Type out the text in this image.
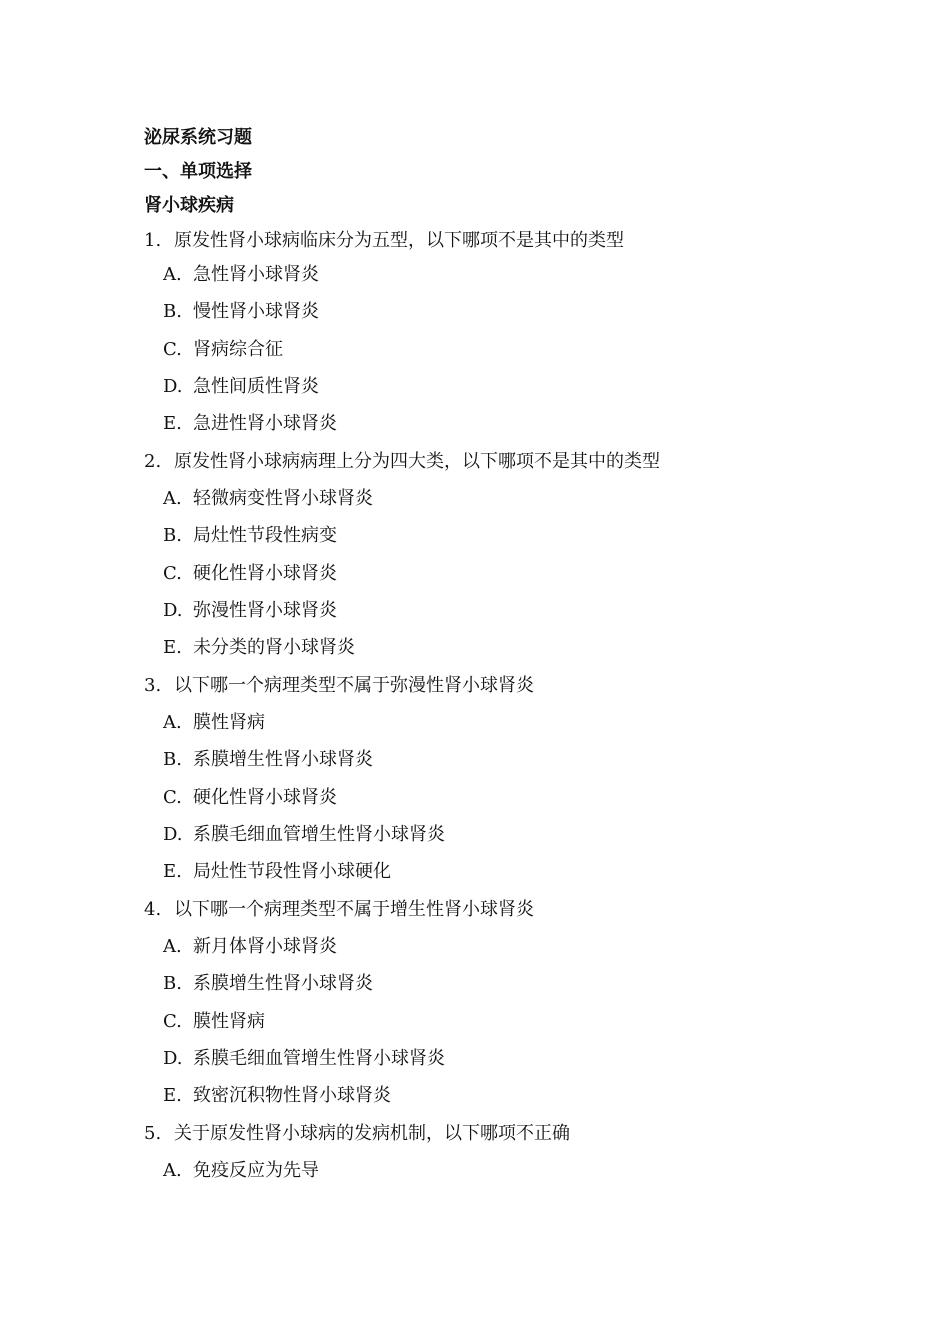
泌尿系统习题
一、单项选择
肾小球疾病
1. 原发性肾小球病临床分为五型，以下哪项不是其中的类型
A. 急性肾小球肾炎
B. 慢性肾小球肾炎
C. 肾病综合征
D. 急性间质性肾炎
E. 急进性肾小球肾炎
2. 原发性肾小球病病理上分为四大类，以下哪项不是其中的类型
A. 轻微病变性肾小球肾炎
B. 局灶性节段性病变
C. 硬化性肾小球肾炎
D. 弥漫性肾小球肾炎
E. 未分类的肾小球肾炎
3. 以下哪一个病理类型不属于弥漫性肾小球肾炎
A. 膜性肾病
B. 系膜增生性肾小球肾炎
C. 硬化性肾小球肾炎
D. 系膜毛细血管增生性肾小球肾炎
E. 局灶性节段性肾小球硬化
4. 以下哪一个病理类型不属于增生性肾小球肾炎
A. 新月体肾小球肾炎
B. 系膜增生性肾小球肾炎
C. 膜性肾病
D. 系膜毛细血管增生性肾小球肾炎
E. 致密沉积物性肾小球肾炎
5. 关于原发性肾小球病的发病机制，以下哪项不正确
A. 免疫反应为先导
